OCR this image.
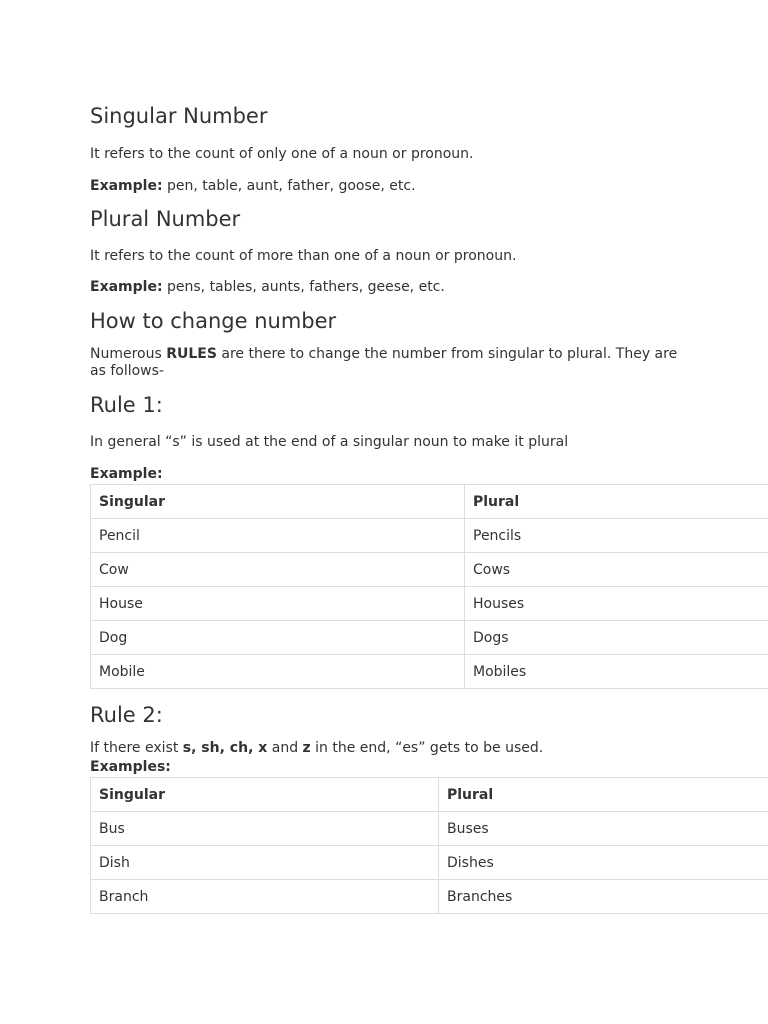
Singular Number

It refers to the count of only one of a noun or pronoun.

Example: pen, table, aunt, father, goose, etc.

Plural Number

It refers to the count of more than one of a noun or pronoun.

Example: pens, tables, aunts, fathers, geese, etc.

How to change number

Numerous RULES are there to change the number from singular to plural. They are as follows-

Rule 1:

In general “s” is used at the end of a singular noun to make it plural

Example:

Singular	Plural
Pencil	Pencils
Cow	Cows
House	Houses
Dog	Dogs
Mobile	Mobiles
Rule 2:

If there exist s, sh, ch, x and z in the end, “es” gets to be used.

Examples:

Singular	Plural
Bus	Buses
Dish	Dishes
Branch	Branches
